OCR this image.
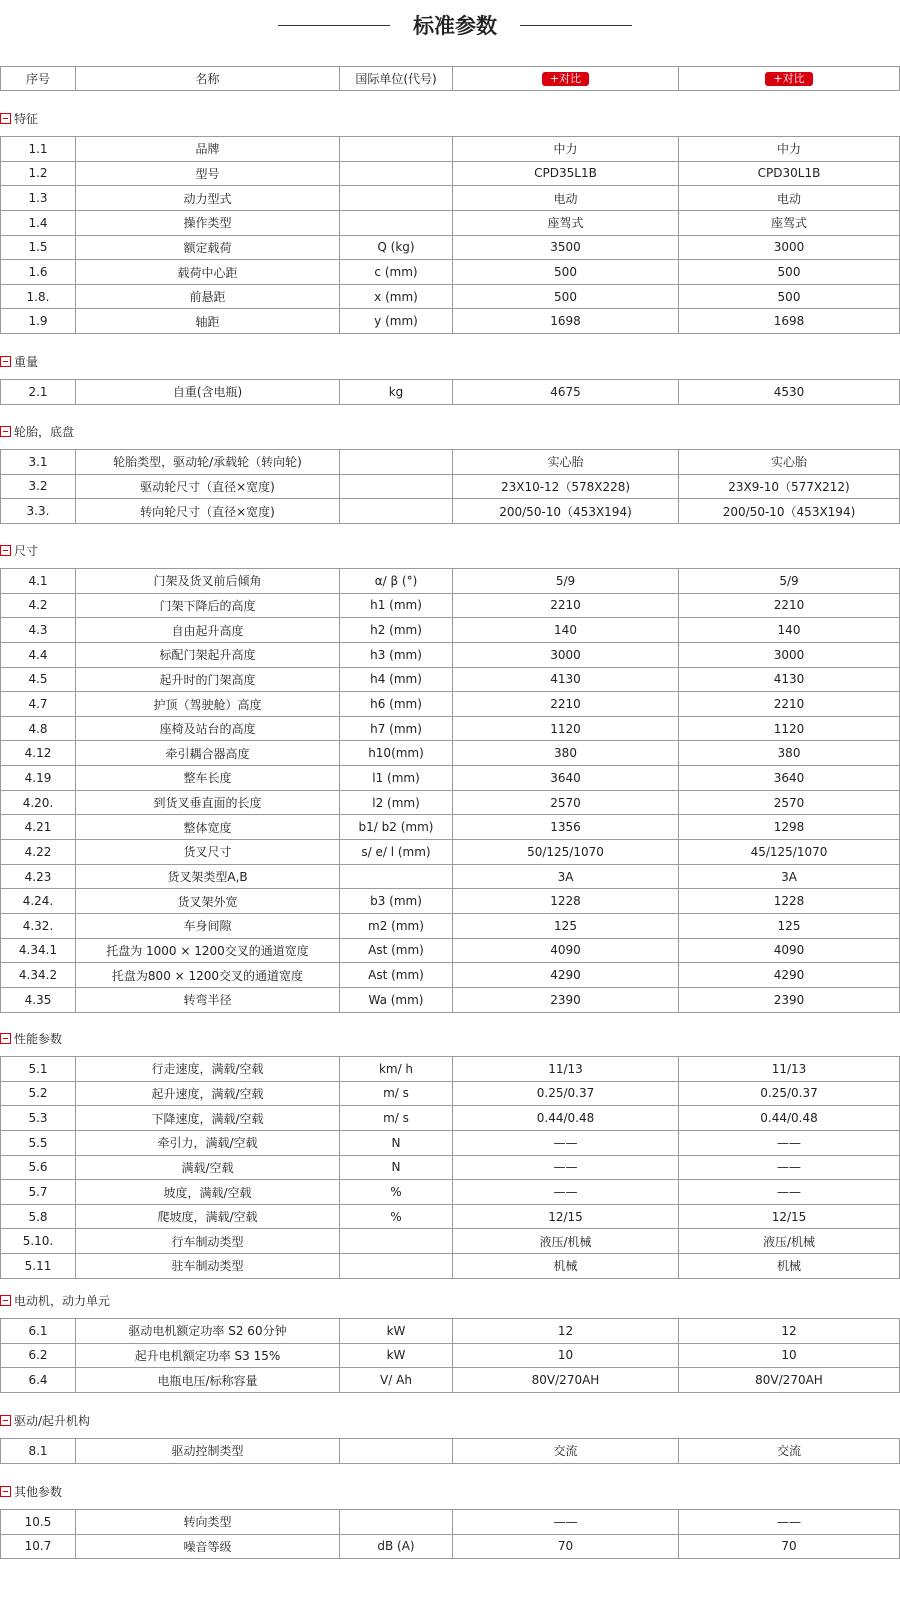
标准参数
序号	名称	国际单位(代号)	+对比	+对比
特征
1.1	品牌		中力	中力
1.2	型号		CPD35L1B	CPD30L1B
1.3	动力型式		电动	电动
1.4	操作类型		座驾式	座驾式
1.5	额定载荷	Q (kg)	3500	3000
1.6	载荷中心距	c (mm)	500	500
1.8.	前悬距	x (mm)	500	500
1.9	轴距	y (mm)	1698	1698
重量
2.1	自重(含电瓶)	kg	4675	4530
轮胎，底盘
3.1	轮胎类型，驱动轮/承载轮（转向轮)		实心胎	实心胎
3.2	驱动轮尺寸（直径×宽度)		23X10-12（578X228)	23X9-10（577X212)
3.3.	转向轮尺寸（直径×宽度)		200/50-10（453X194)	200/50-10（453X194)
尺寸
4.1	门架及货叉前后倾角	α/ β (°)	5/9	5/9
4.2	门架下降后的高度	h1 (mm)	2210	2210
4.3	自由起升高度	h2 (mm)	140	140
4.4	标配门架起升高度	h3 (mm)	3000	3000
4.5	起升时的门架高度	h4 (mm)	4130	4130
4.7	护顶（驾驶舱）高度	h6 (mm)	2210	2210
4.8	座椅及站台的高度	h7 (mm)	1120	1120
4.12	牵引耦合器高度	h10(mm)	380	380
4.19	整车长度	l1 (mm)	3640	3640
4.20.	到货叉垂直面的长度	l2 (mm)	2570	2570
4.21	整体宽度	b1/ b2 (mm)	1356	1298
4.22	货叉尺寸	s/ e/ l (mm)	50/125/1070	45/125/1070
4.23	货叉架类型A,B		3A	3A
4.24.	货叉架外宽	b3 (mm)	1228	1228
4.32.	车身间隙	m2 (mm)	125	125
4.34.1	托盘为 1000 × 1200交叉的通道宽度	Ast (mm)	4090	4090
4.34.2	托盘为800 × 1200交叉的通道宽度	Ast (mm)	4290	4290
4.35	转弯半径	Wa (mm)	2390	2390
性能参数
5.1	行走速度，满载/空载	km/ h	11/13	11/13
5.2	起升速度，满载/空载	m/ s	0.25/0.37	0.25/0.37
5.3	下降速度，满载/空载	m/ s	0.44/0.48	0.44/0.48
5.5	牵引力，满载/空载	N	——	——
5.6	满载/空载	N	——	——
5.7	坡度，满载/空载	%	——	——
5.8	爬坡度，满载/空载	%	12/15	12/15
5.10.	行车制动类型		液压/机械	液压/机械
5.11	驻车制动类型		机械	机械
电动机，动力单元
6.1	驱动电机额定功率 S2 60分钟	kW	12	12
6.2	起升电机额定功率 S3 15%	kW	10	10
6.4	电瓶电压/标称容量	V/ Ah	80V/270AH	80V/270AH
驱动/起升机构
8.1	驱动控制类型		交流	交流
其他参数
10.5	转向类型		——	——
10.7	噪音等级	dB (A)	70	70
